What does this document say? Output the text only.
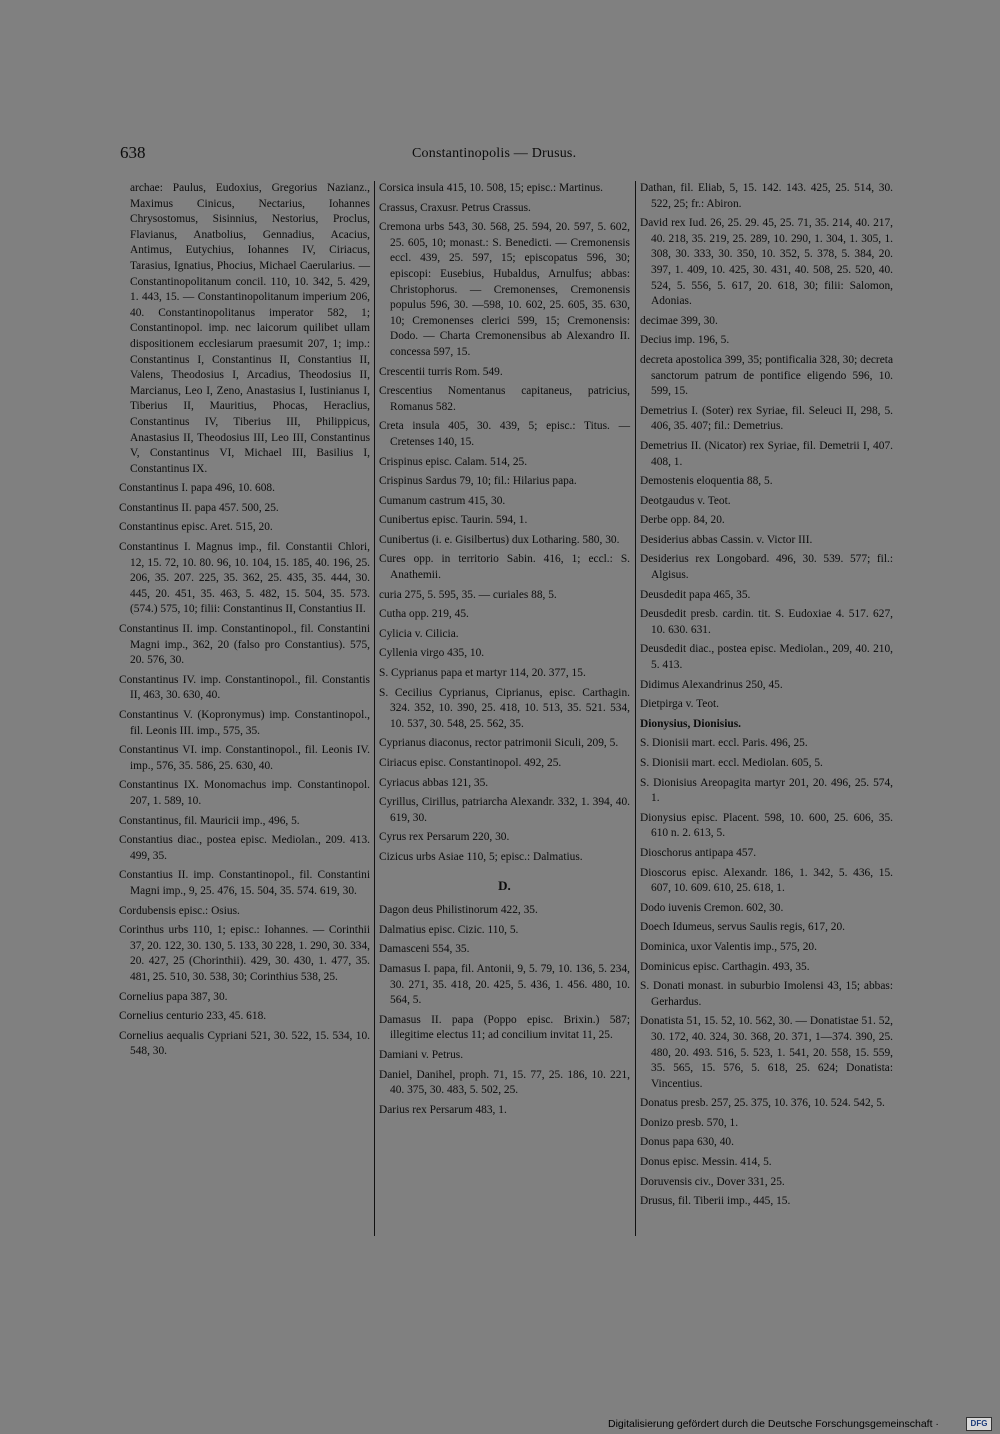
638	Constantinopolis — Drusus.
archae: Paulus, Eudoxius, Gregorius Nazianz., Maximus Cinicus, Nectarius, Iohannes Chrysostomus, Sisinnius, Nestorius, Proclus, Flavianus, Anatbolius, Gennadius, Acacius, Antimus, Eutychius, Iohannes IV, Ciriacus, Tarasius, Ignatius, Phocius, Michael Caerularius. — Constantinopolitanum concil. 110, 10. 342, 5. 429, 1. 443, 15. — Constantinopolitanum imperium 206, 40. Constantinopolitanus imperator 582, 1; Constantinopol. imp. nec laicorum quilibet ullam dispositionem ecclesiarum praesumit 207, 1; imp.: Constantinus I, Constantinus II, Constantius II, Valens, Theodosius I, Arcadius, Theodosius II, Marcianus, Leo I, Zeno, Anastasius I, Iustinianus I, Tiberius II, Mauritius, Phocas, Heraclius, Constantinus IV, Tiberius III, Philippicus, Anastasius II, Theodosius III, Leo III, Constantinus V, Constantinus VI, Michael III, Basilius I, Constantinus IX.
Constantinus I. papa 496, 10. 608.
Constantinus II. papa 457. 500, 25.
Constantinus episc. Aret. 515, 20.
Constantinus I. Magnus imp., fil. Constantii Chlori, 12, 15. 72, 10. 80. 96, 10. 104, 15. 185, 40. 196, 25. 206, 35. 207. 225, 35. 362, 25. 435, 35. 444, 30. 445, 20. 451, 35. 463, 5. 482, 15. 504, 35. 573. (574.) 575, 10; filii: Constantinus II, Constantius II.
Constantinus II. imp. Constantinopol., fil. Constantini Magni imp., 362, 20 (falso pro Constantius). 575, 20. 576, 30.
Constantinus IV. imp. Constantinopol., fil. Constantis II, 463, 30. 630, 40.
Constantinus V. (Kopronymus) imp. Constantinopol., fil. Leonis III. imp., 575, 35.
Constantinus VI. imp. Constantinopol., fil. Leonis IV. imp., 576, 35. 586, 25. 630, 40.
Constantinus IX. Monomachus imp. Constantinopol. 207, 1. 589, 10.
Constantinus, fil. Mauricii imp., 496, 5.
Constantius diac., postea episc. Mediolan., 209. 413. 499, 35.
Constantius II. imp. Constantinopol., fil. Constantini Magni imp., 9, 25. 476, 15. 504, 35. 574. 619, 30.
Cordubensis episc.: Osius.
Corinthus urbs 110, 1; episc.: Iohannes. — Corinthii 37, 20. 122, 30. 130, 5. 133, 30 228, 1. 290, 30. 334, 20. 427, 25 (Chorinthii). 429, 30. 430, 1. 477, 35. 481, 25. 510, 30. 538, 30; Corinthius 538, 25.
Cornelius papa 387, 30.
Cornelius centurio 233, 45. 618.
Cornelius aequalis Cypriani 521, 30. 522, 15. 534, 10. 548, 30.
Corsica insula 415, 10. 508, 15; episc.: Martinus.
Crassus, Craxusr. Petrus Crassus.
Cremona urbs 543, 30. 568, 25. 594, 20. 597, 5. 602, 25. 605, 10; monast.: S. Benedicti. — Cremonensis eccl. 439, 25. 597, 15; episcopatus 596, 30; episcopi: Eusebius, Hubaldus, Arnulfus; abbas: Christophorus. — Cremonenses, Cremonensis populus 596, 30. —598, 10. 602, 25. 605, 35. 630, 10; Cremonenses clerici 599, 15; Cremonensis: Dodo. — Charta Cremonensibus ab Alexandro II. concessa 597, 15.
Crescentii turris Rom. 549.
Crescentius Nomentanus capitaneus, patricius, Romanus 582.
Creta insula 405, 30. 439, 5; episc.: Titus. — Cretenses 140, 15.
Crispinus episc. Calam. 514, 25.
Crispinus Sardus 79, 10; fil.: Hilarius papa.
Cumanum castrum 415, 30.
Cunibertus episc. Taurin. 594, 1.
Cunibertus (i. e. Gisilbertus) dux Lotharing. 580, 30.
Cures opp. in territorio Sabin. 416, 1; eccl.: S. Anathemii.
curia 275, 5. 595, 35. — curiales 88, 5.
Cutha opp. 219, 45.
Cylicia v. Cilicia.
Cyllenia virgo 435, 10.
S. Cyprianus papa et martyr 114, 20. 377, 15.
S. Cecilius Cyprianus, Ciprianus, episc. Carthagin. 324. 352, 10. 390, 25. 418, 10. 513, 35. 521. 534, 10. 537, 30. 548, 25. 562, 35.
Cyprianus diaconus, rector patrimonii Siculi, 209, 5.
Ciriacus episc. Constantinopol. 492, 25.
Cyriacus abbas 121, 35.
Cyrillus, Cirillus, patriarcha Alexandr. 332, 1. 394, 40. 619, 30.
Cyrus rex Persarum 220, 30.
Cizicus urbs Asiae 110, 5; episc.: Dalmatius.
D.
Dagon deus Philistinorum 422, 35.
Dalmatius episc. Cizic. 110, 5.
Damasceni 554, 35.
Damasus I. papa, fil. Antonii, 9, 5. 79, 10. 136, 5. 234, 30. 271, 35. 418, 20. 425, 5. 436, 1. 456. 480, 10. 564, 5.
Damasus II. papa (Poppo episc. Brixin.) 587; illegitime electus 11; ad concilium invitat 11, 25.
Damiani v. Petrus.
Daniel, Danihel, proph. 71, 15. 77, 25. 186, 10. 221, 40. 375, 30. 483, 5. 502, 25.
Darius rex Persarum 483, 1.
Dathan, fil. Eliab, 5, 15. 142. 143. 425, 25. 514, 30. 522, 25; fr.: Abiron.
David rex Iud. 26, 25. 29. 45, 25. 71, 35. 214, 40. 217, 40. 218, 35. 219, 25. 289, 10. 290, 1. 304, 1. 305, 1. 308, 30. 333, 30. 350, 10. 352, 5. 378, 5. 384, 20. 397, 1. 409, 10. 425, 30. 431, 40. 508, 25. 520, 40. 524, 5. 556, 5. 617, 20. 618, 30; filii: Salomon, Adonias.
decimae 399, 30.
Decius imp. 196, 5.
decreta apostolica 399, 35; pontificalia 328, 30; decreta sanctorum patrum de pontifice eligendo 596, 10. 599, 15.
Demetrius I. (Soter) rex Syriae, fil. Seleuci II, 298, 5. 406, 35. 407; fil.: Demetrius.
Demetrius II. (Nicator) rex Syriae, fil. Demetrii I, 407. 408, 1.
Demostenis eloquentia 88, 5.
Deotgaudus v. Teot.
Derbe opp. 84, 20.
Desiderius abbas Cassin. v. Victor III.
Desiderius rex Longobard. 496, 30. 539. 577; fil.: Algisus.
Deusdedit papa 465, 35.
Deusdedit presb. cardin. tit. S. Eudoxiae 4. 517. 627, 10. 630. 631.
Deusdedit diac., postea episc. Mediolan., 209, 40. 210, 5. 413.
Didimus Alexandrinus 250, 45.
Dietpirga v. Teot.
Dionysius, Dionisius.
S. Dionisii mart. eccl. Paris. 496, 25.
S. Dionisii mart. eccl. Mediolan. 605, 5.
S. Dionisius Areopagita martyr 201, 20. 496, 25. 574, 1.
Dionysius episc. Placent. 598, 10. 600, 25. 606, 35. 610 n. 2. 613, 5.
Dioschorus antipapa 457.
Dioscorus episc. Alexandr. 186, 1. 342, 5. 436, 15. 607, 10. 609. 610, 25. 618, 1.
Dodo iuvenis Cremon. 602, 30.
Doech Idumeus, servus Saulis regis, 617, 20.
Dominica, uxor Valentis imp., 575, 20.
Dominicus episc. Carthagin. 493, 35.
S. Donati monast. in suburbio Imolensi 43, 15; abbas: Gerhardus.
Donatista 51, 15. 52, 10. 562, 30. — Donatistae 51. 52, 30. 172, 40. 324, 30. 368, 20. 371, 1—374. 390, 25. 480, 20. 493. 516, 5. 523, 1. 541, 20. 558, 15. 559, 35. 565, 15. 576, 5. 618, 25. 624; Donatista: Vincentius.
Donatus presb. 257, 25. 375, 10. 376, 10. 524. 542, 5.
Donizo presb. 570, 1.
Donus papa 630, 40.
Donus episc. Messin. 414, 5.
Doruvensis civ., Dover 331, 25.
Drusus, fil. Tiberii imp., 445, 15.
Digitalisierung gefördert durch die Deutsche Forschungsgemeinschaft ·	DFG
